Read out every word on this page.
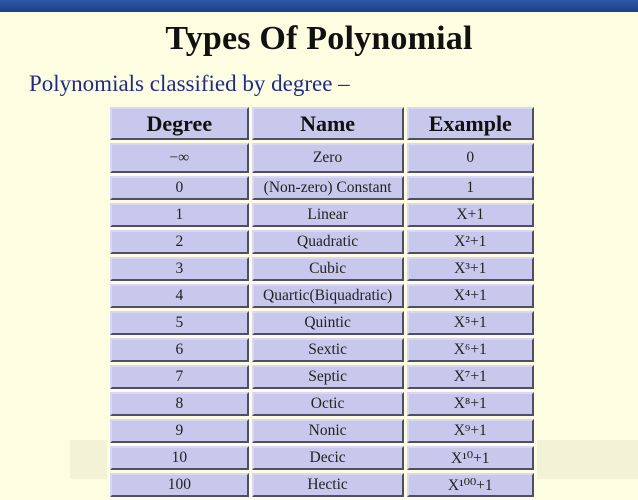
Types Of Polynomial
Polynomials classified by degree –
Degree	Name	Example
−∞	Zero	0
0	(Non-zero) Constant	1
1	Linear	X+1
2	Quadratic	X²+1
3	Cubic	X³+1
4	Quartic(Biquadratic)	X⁴+1
5	Quintic	X⁵+1
6	Sextic	X⁶+1
7	Septic	X⁷+1
8	Octic	X⁸+1
9	Nonic	X⁹+1
10	Decic	X¹⁰+1
100	Hectic	X¹⁰⁰+1
